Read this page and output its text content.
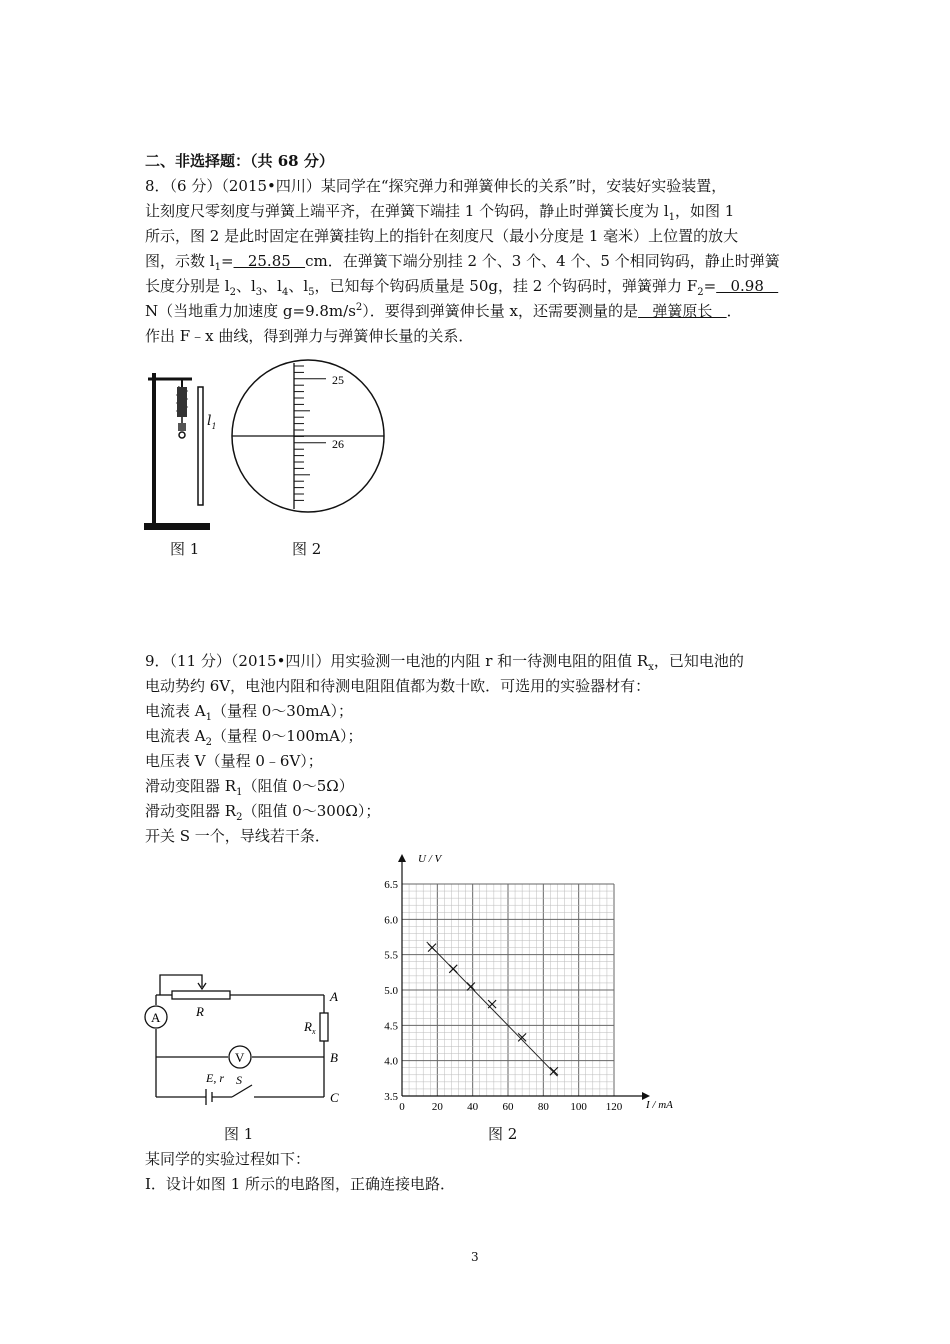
二、非选择题：（共 68 分）
8．（6 分）（2015•四川）某同学在“探究弹力和弹簧伸长的关系”时，安装好实验装置，
让刻度尺零刻度与弹簧上端平齐，在弹簧下端挂 1 个钩码，静止时弹簧长度为 $l_1$，如图 1
所示，图 2 是此时固定在弹簧挂钩上的指针在刻度尺（最小分度是 1 毫米）上位置的放大
图，示数 $l_1= 25.85$   cm．在弹簧下端分别挂 2 个、3 个、4 个、5 个相同钩码，静止时弹簧
长度分别是 $l_2$、$l_3$、$l_4$、$l_5$，已知每个钩码质量是 50g，挂 2 个钩码时，弹簧弹力 $F_2= 0.98$
N（当地重力加速度 $g=9.8m/s^2$）．要得到弹簧伸长量 x，还需要测量的是   弹簧原长   ．
作出 F﹣x 曲线，得到弹力与弹簧伸长量的关系．
$l_1$
图 1
25
26
图 2
9．（11 分）（2015•四川）用实验测一电池的内阻 r 和一待测电阻的阻值 $R_x$，已知电池的
电动势约 6V，电池内阻和待测电阻阻值都为数十欧．可选用的实验器材有：
电流表 $A_1$（量程 0～30mA）；
电流表 $A_2$（量程 0～100mA）；
电压表 V（量程 0﹣6V）；
滑动变阻器 $R_1$（阻值 0～5Ω）
滑动变阻器 $R_2$（阻值 0～300Ω）；
开关 S 一个，导线若干条．
A
V
R
$R_x$
A
B
C
E, r S
图 1
0 20 40 60 80 100 120
3.5
4.0
4.5
5.0
5.5
6.0
6.5
U / V
I / mA
图 2
某同学的实验过程如下：
Ⅰ．设计如图 1 所示的电路图，正确连接电路．
3
